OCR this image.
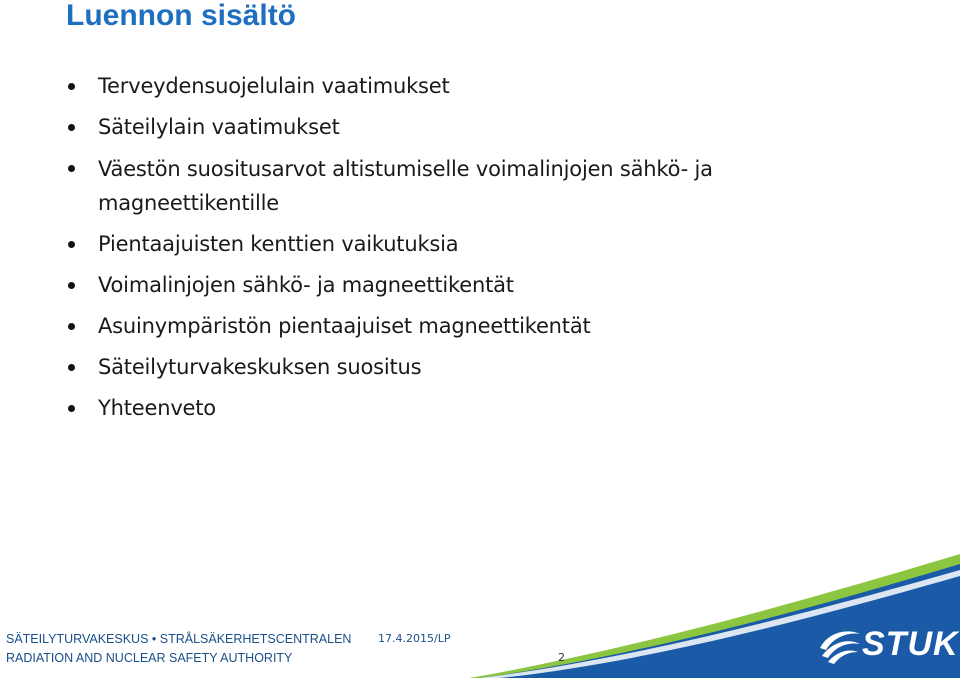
Luennon sisältö
Terveydensuojelulain vaatimukset
Säteilylain vaatimukset
Väestön suositusarvot altistumiselle voimalinjojen sähkö- ja magneettikentille
Pientaajuisten kenttien vaikutuksia
Voimalinjojen sähkö- ja magneettikentät
Asuinympäristön pientaajuiset magneettikentät
Säteilyturvakeskuksen suositus
Yhteenveto
STUK
SÄTEILYTURVAKESKUS • STRÅLSÄKERHETSCENTRALEN
RADIATION AND NUCLEAR SAFETY AUTHORITY
17.4.2015/LP
2
